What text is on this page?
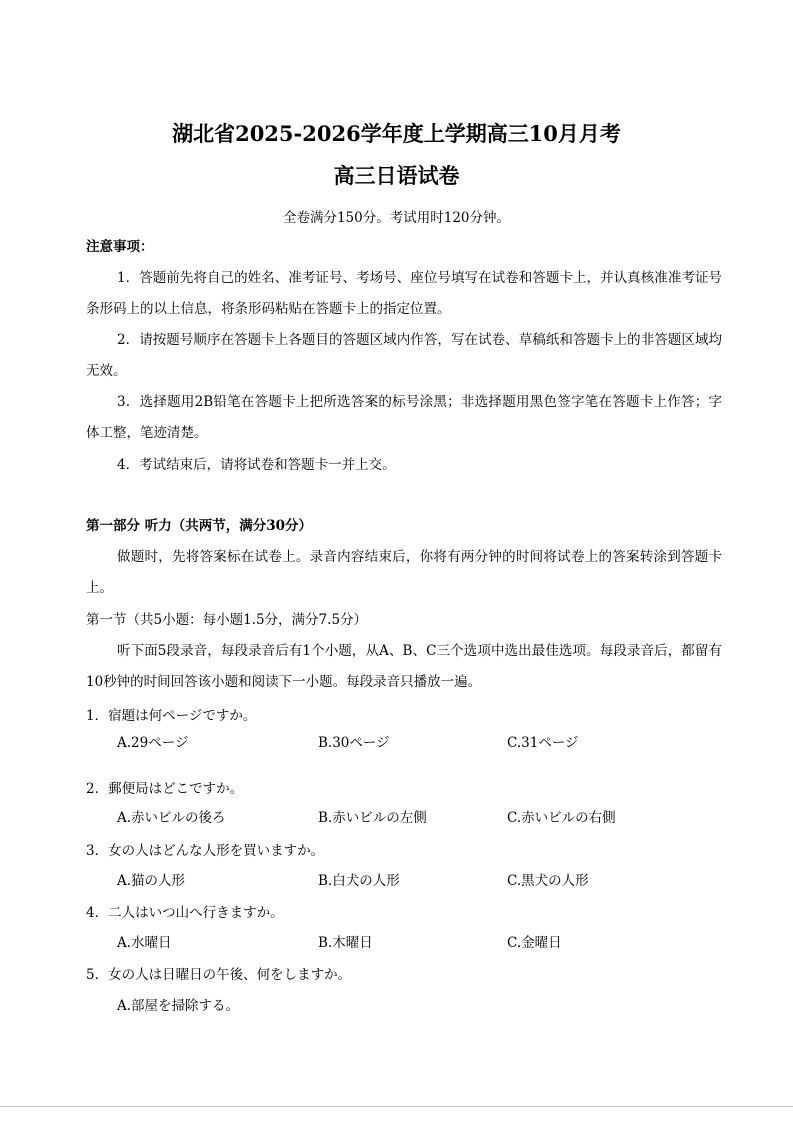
湖北省2025-2026学年度上学期高三10月月考
高三日语试卷
全卷满分150分。考试用时120分钟。
注意事项：
1．答题前先将自己的姓名、准考证号、考场号、座位号填写在试卷和答题卡上，并认真核准准考证号条形码上的以上信息，将条形码粘贴在答题卡上的指定位置。
2．请按题号顺序在答题卡上各题目的答题区域内作答，写在试卷、草稿纸和答题卡上的非答题区域均无效。
3．选择题用2B铅笔在答题卡上把所选答案的标号涂黑；非选择题用黑色签字笔在答题卡上作答；字体工整，笔迹清楚。
4．考试结束后，请将试卷和答题卡一并上交。
第一部分 听力（共两节，满分30分）
做题时，先将答案标在试卷上。录音内容结束后，你将有两分钟的时间将试卷上的答案转涂到答题卡上。
第一节（共5小题：每小题1.5分，满分7.5分）
听下面5段录音，每段录音后有1个小题，从A、B、C三个选项中选出最佳选项。每段录音后，都留有10秒钟的时间回答该小题和阅读下一小题。每段录音只播放一遍。
1．宿題は何ページですか。
A.29ページ	B.30ページ	C.31ページ
2．郵便局はどこですか。
A.赤いビルの後ろ	B.赤いビルの左側	C.赤いビルの右側
3．女の人はどんな人形を買いますか。
A.猫の人形	B.白犬の人形	C.黒犬の人形
4．二人はいつ山へ行きますか。
A.水曜日	B.木曜日	C.金曜日
5．女の人は日曜日の午後、何をしますか。
A.部屋を掃除する。
